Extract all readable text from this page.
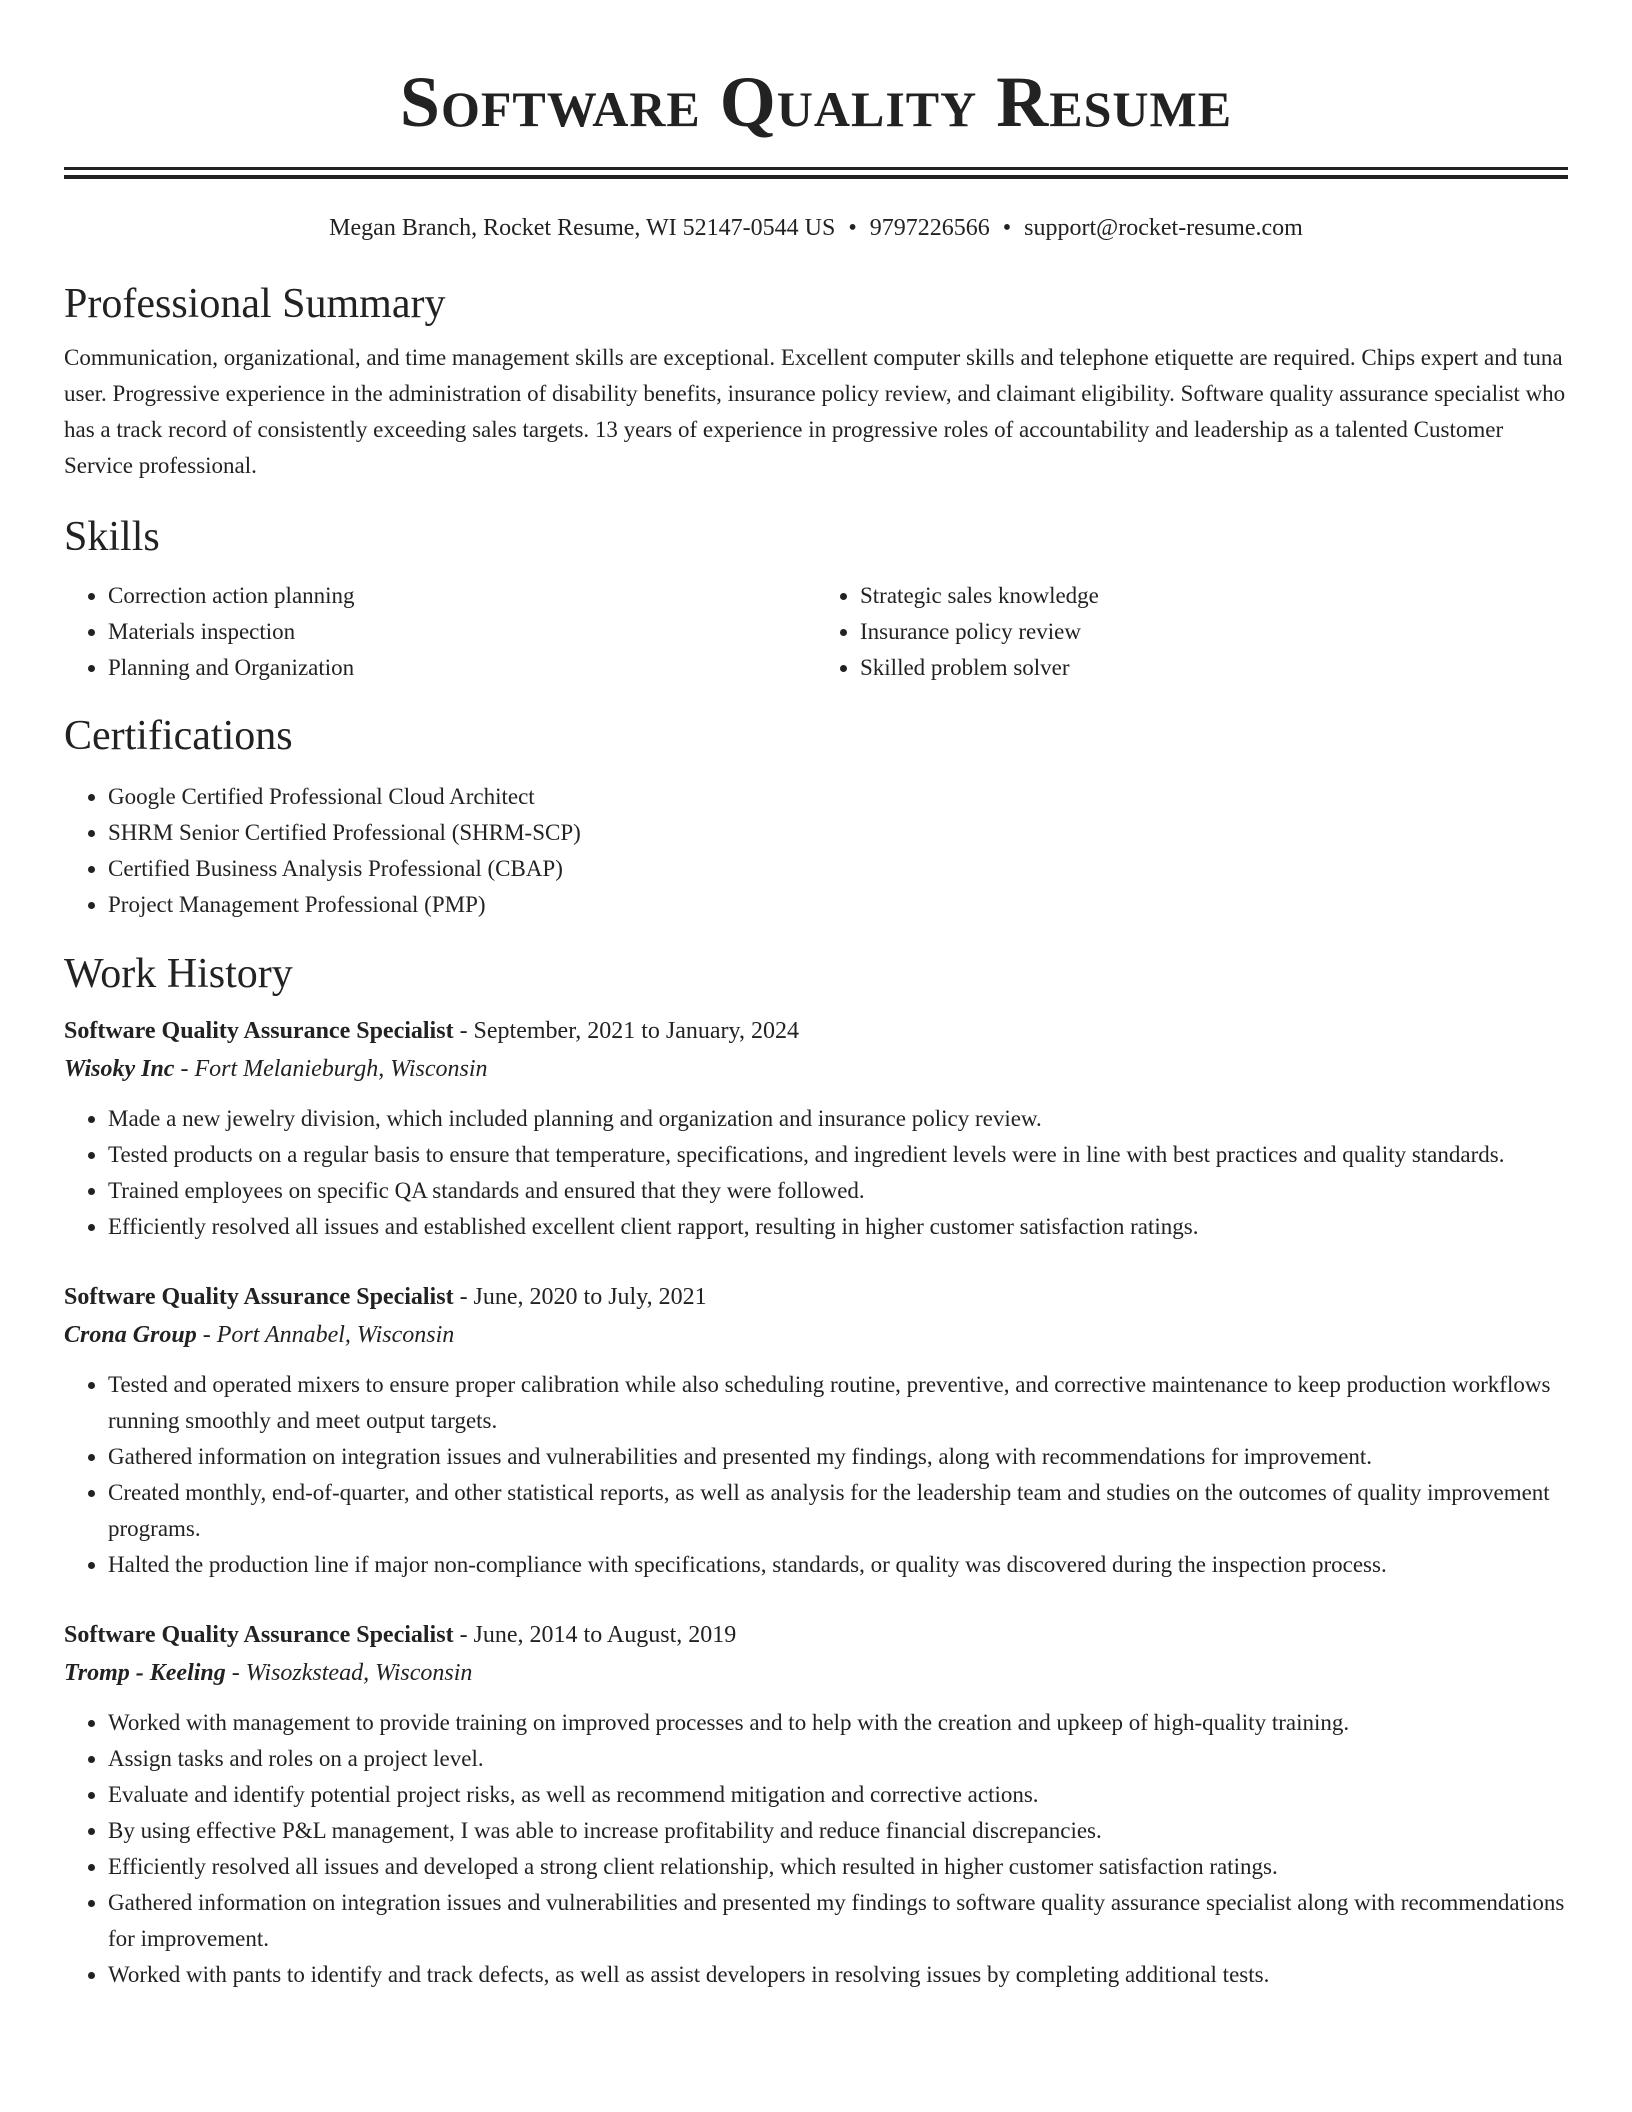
Software Quality Resume
Megan Branch, Rocket Resume, WI 52147-0544 US • 9797226566 • support@rocket-resume.com
Professional Summary

Communication, organizational, and time management skills are exceptional. Excellent computer skills and telephone etiquette are required. Chips expert and tuna user. Progressive experience in the administration of disability benefits, insurance policy review, and claimant eligibility. Software quality assurance specialist who has a track record of consistently exceeding sales targets. 13 years of experience in progressive roles of accountability and leadership as a talented Customer Service professional.

Skills
• Correction action planning
• Materials inspection
• Planning and Organization
• Strategic sales knowledge
• Insurance policy review
• Skilled problem solver
Certifications
• Google Certified Professional Cloud Architect
• SHRM Senior Certified Professional (SHRM-SCP)
• Certified Business Analysis Professional (CBAP)
• Project Management Professional (PMP)
Work History
Software Quality Assurance Specialist - September, 2021 to January, 2024
Wisoky Inc - Fort Melanieburgh, Wisconsin
• Made a new jewelry division, which included planning and organization and insurance policy review.
• Tested products on a regular basis to ensure that temperature, specifications, and ingredient levels were in line with best practices and quality standards.
• Trained employees on specific QA standards and ensured that they were followed.
• Efficiently resolved all issues and established excellent client rapport, resulting in higher customer satisfaction ratings.
Software Quality Assurance Specialist - June, 2020 to July, 2021
Crona Group - Port Annabel, Wisconsin
• Tested and operated mixers to ensure proper calibration while also scheduling routine, preventive, and corrective maintenance to keep production workflows running smoothly and meet output targets.
• Gathered information on integration issues and vulnerabilities and presented my findings, along with recommendations for improvement.
• Created monthly, end-of-quarter, and other statistical reports, as well as analysis for the leadership team and studies on the outcomes of quality improvement programs.
• Halted the production line if major non-compliance with specifications, standards, or quality was discovered during the inspection process.
Software Quality Assurance Specialist - June, 2014 to August, 2019
Tromp - Keeling - Wisozkstead, Wisconsin
• Worked with management to provide training on improved processes and to help with the creation and upkeep of high-quality training.
• Assign tasks and roles on a project level.
• Evaluate and identify potential project risks, as well as recommend mitigation and corrective actions.
• By using effective P&L management, I was able to increase profitability and reduce financial discrepancies.
• Efficiently resolved all issues and developed a strong client relationship, which resulted in higher customer satisfaction ratings.
• Gathered information on integration issues and vulnerabilities and presented my findings to software quality assurance specialist along with recommendations for improvement.
• Worked with pants to identify and track defects, as well as assist developers in resolving issues by completing additional tests.
